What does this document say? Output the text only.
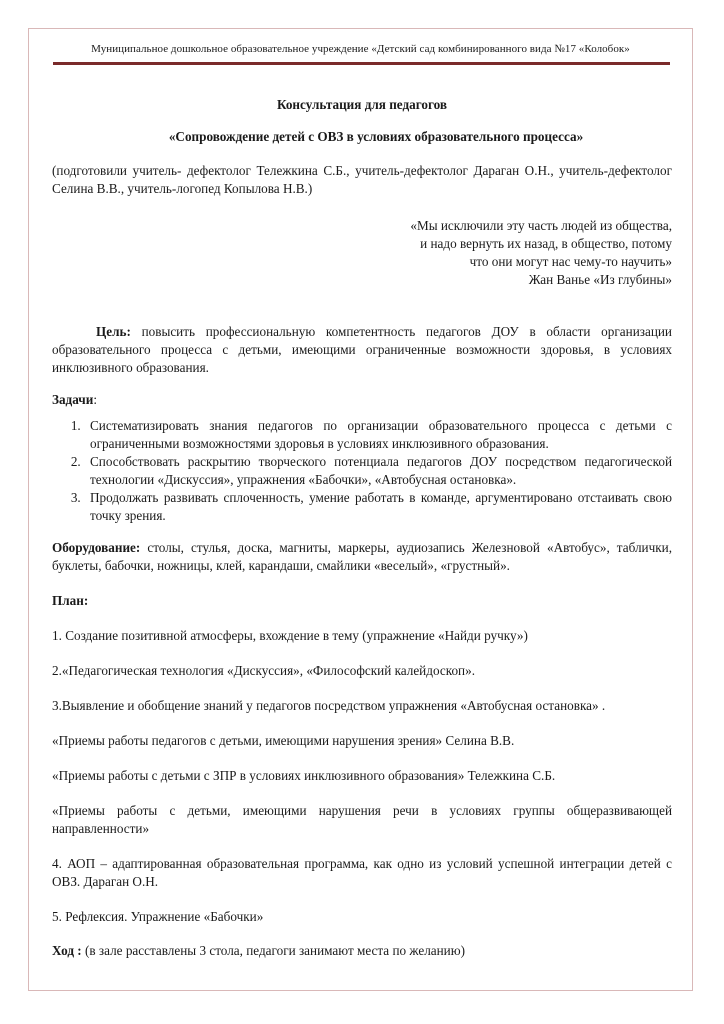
Муниципальное дошкольное образовательное учреждение «Детский сад комбинированного вида №17 «Колобок»

Консультация для педагогов

«Сопровождение детей с ОВЗ в условиях образовательного процесса»

(подготовили учитель- дефектолог Тележкина С.Б., учитель-дефектолог Дараган О.Н., учитель-дефектолог Селина В.В., учитель-логопед Копылова Н.В.)

«Мы исключили эту часть людей из общества,
и надо вернуть их назад, в общество, потому
что они могут нас чему-то научить»
Жан Ванье «Из глубины»

Цель: повысить профессиональную компетентность педагогов ДОУ в области организации образовательного процесса с детьми, имеющими ограниченные возможности здоровья, в условиях инклюзивного образования.

Задачи:

1. Систематизировать знания педагогов по организации образовательного процесса с детьми с ограниченными возможностями здоровья в условиях инклюзивного образования.
2. Способствовать раскрытию творческого потенциала педагогов ДОУ посредством педагогической технологии «Дискуссия», упражнения «Бабочки», «Автобусная остановка».
3. Продолжать развивать сплоченность, умение работать в команде, аргументировано отстаивать свою точку зрения.

Оборудование: столы, стулья, доска, магниты, маркеры, аудиозапись Железновой «Автобус», таблички, буклеты, бабочки, ножницы, клей, карандаши, смайлики «веселый», «грустный».

План:

1. Создание позитивной атмосферы, вхождение в тему (упражнение «Найди ручку»)

2.«Педагогическая технология «Дискуссия», «Философский калейдоскоп».

3.Выявление и обобщение знаний у педагогов посредством упражнения «Автобусная остановка» .

«Приемы работы педагогов с детьми, имеющими нарушения зрения» Селина В.В.

«Приемы работы с детьми с ЗПР в условиях инклюзивного образования» Тележкина С.Б.

«Приемы работы с детьми, имеющими нарушения речи в условиях группы общеразвивающей направленности»

4. АОП – адаптированная образовательная программа, как одно из условий успешной интеграции детей с ОВЗ. Дараган О.Н.

5. Рефлексия. Упражнение «Бабочки»

Ход : (в зале расставлены 3 стола, педагоги занимают места по желанию)
